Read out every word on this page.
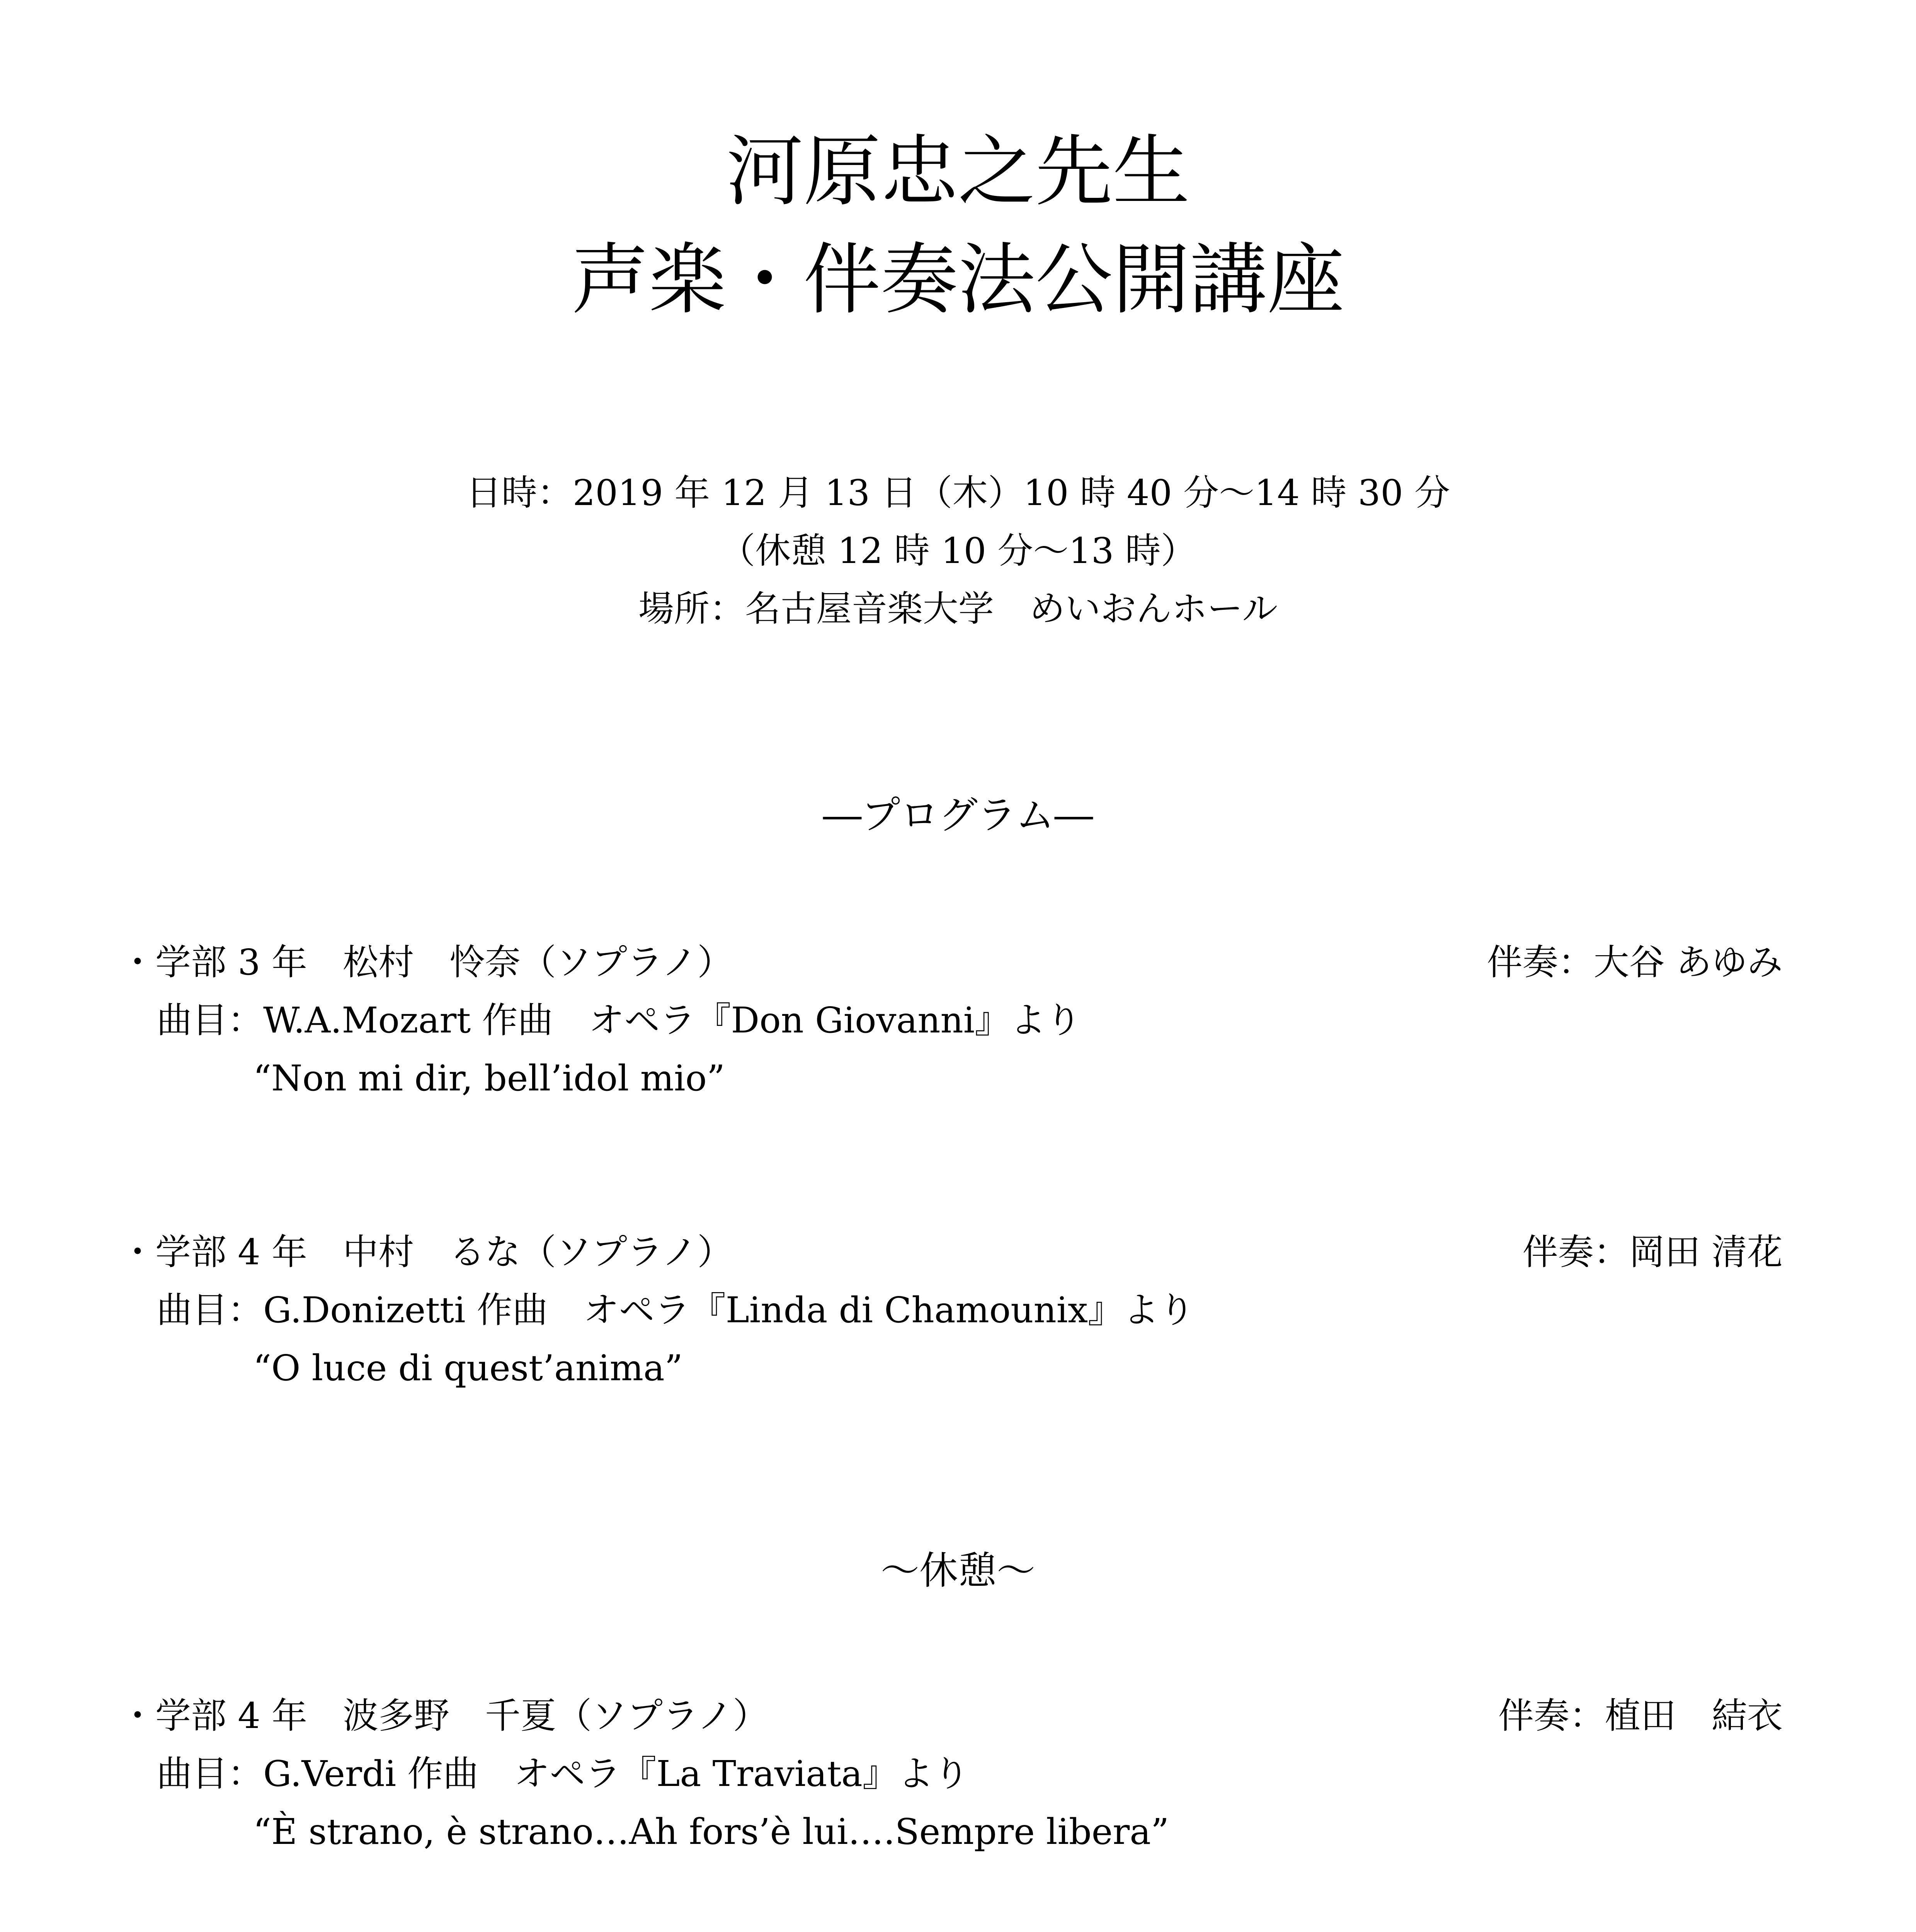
河原忠之先生
声楽・伴奏法公開講座
日時：2019 年 12 月 13 日（木）10 時 40 分～14 時 30 分
（休憩 12 時 10 分～13 時）
場所：名古屋音楽大学　めいおんホール
―プログラム―
・学部 3 年　松村　怜奈（ソプラノ）	伴奏：大谷 あゆみ
曲目：W.A.Mozart 作曲　オペラ『Don Giovanni』より
“Non mi dir, bell’idol mio”
・学部 4 年　中村　るな（ソプラノ）	伴奏：岡田 清花
曲目：G.Donizetti 作曲　オペラ『Linda di Chamounix』より
“O luce di quest’anima”
～休憩～
・学部 4 年　波多野　千夏（ソプラノ）	伴奏：植田　結衣
曲目：G.Verdi 作曲　オペラ『La Traviata』より
“È strano, è strano…Ah fors’è lui….Sempre libera”
